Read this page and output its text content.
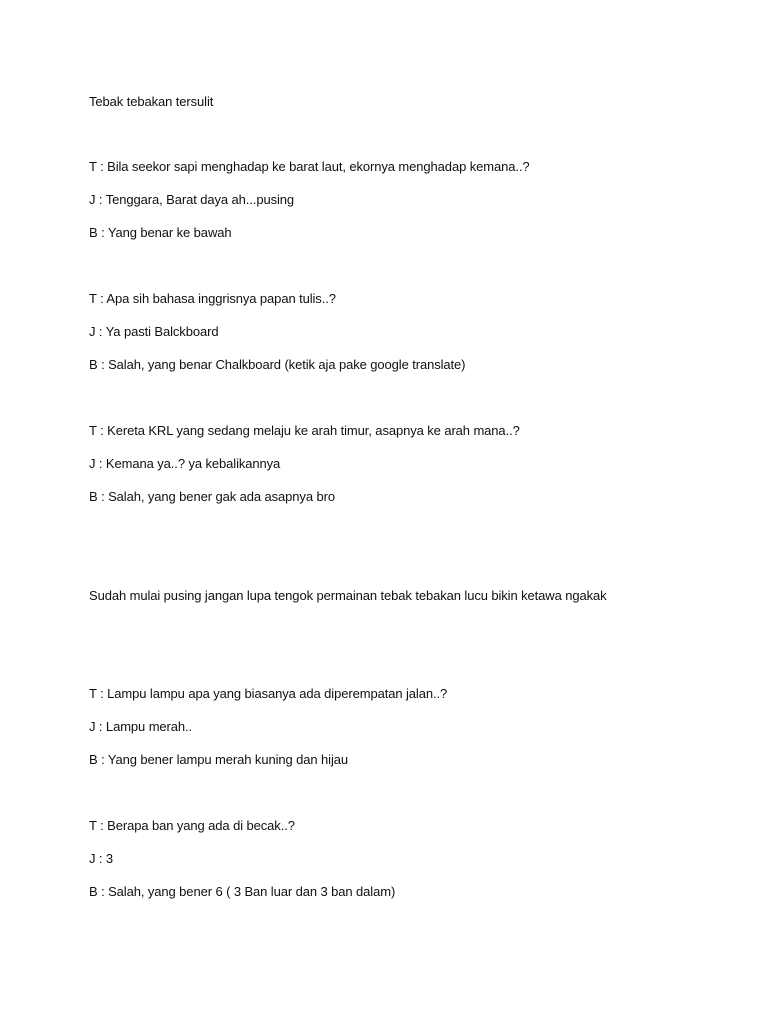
Tebak tebakan tersulit
T : Bila seekor sapi menghadap ke barat laut, ekornya menghadap kemana..?
J : Tenggara, Barat daya ah...pusing
B : Yang benar ke bawah
T : Apa sih bahasa inggrisnya papan tulis..?
J : Ya pasti Balckboard
B : Salah, yang benar Chalkboard (ketik aja pake google translate)
T : Kereta KRL yang sedang melaju ke arah timur, asapnya ke arah mana..?
J : Kemana ya..? ya kebalikannya
B : Salah, yang bener gak ada asapnya bro
Sudah mulai pusing jangan lupa tengok permainan tebak tebakan lucu bikin ketawa ngakak
T : Lampu lampu apa yang biasanya ada diperempatan jalan..?
J : Lampu merah..
B : Yang bener lampu merah kuning dan hijau
T : Berapa ban yang ada di becak..?
J : 3
B : Salah, yang bener 6 ( 3 Ban luar dan 3 ban dalam)
